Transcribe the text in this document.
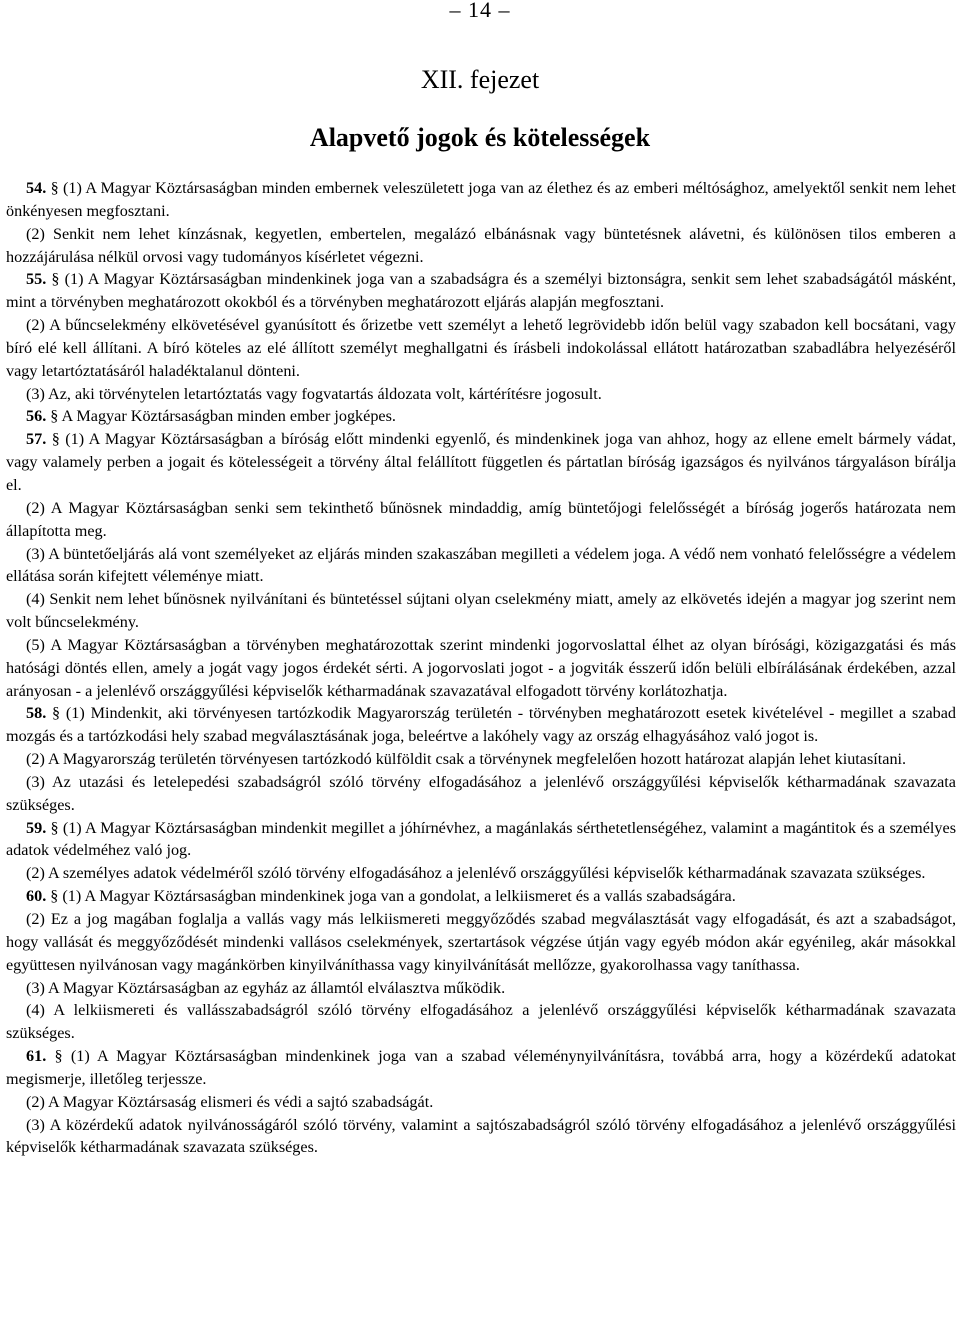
– 14 –
XII. fejezet
Alapvető jogok és kötelességek

54. § (1) A Magyar Köztársaságban minden embernek veleszületett joga van az élethez és az emberi méltósághoz, amelyektől senkit nem lehet önkényesen megfosztani.

(2) Senkit nem lehet kínzásnak, kegyetlen, embertelen, megalázó elbánásnak vagy büntetésnek alávetni, és különösen tilos emberen a hozzájárulása nélkül orvosi vagy tudományos kísérletet végezni.

55. § (1) A Magyar Köztársaságban mindenkinek joga van a szabadságra és a személyi biztonságra, senkit sem lehet szabadságától másként, mint a törvényben meghatározott okokból és a törvényben meghatározott eljárás alapján megfosztani.

(2) A bűncselekmény elkövetésével gyanúsított és őrizetbe vett személyt a lehető legrövidebb időn belül vagy szabadon kell bocsátani, vagy bíró elé kell állítani. A bíró köteles az elé állított személyt meghallgatni és írásbeli indokolással ellátott határozatban szabadlábra helyezéséről vagy letartóztatásáról haladéktalanul dönteni.

(3) Az, aki törvénytelen letartóztatás vagy fogvatartás áldozata volt, kártérítésre jogosult.

56. § A Magyar Köztársaságban minden ember jogképes.

57. § (1) A Magyar Köztársaságban a bíróság előtt mindenki egyenlő, és mindenkinek joga van ahhoz, hogy az ellene emelt bármely vádat, vagy valamely perben a jogait és kötelességeit a törvény által felállított független és pártatlan bíróság igazságos és nyilvános tárgyaláson bírálja el.

(2) A Magyar Köztársaságban senki sem tekinthető bűnösnek mindaddig, amíg büntetőjogi felelősségét a bíróság jogerős határozata nem állapította meg.

(3) A büntetőeljárás alá vont személyeket az eljárás minden szakaszában megilleti a védelem joga. A védő nem vonható felelősségre a védelem ellátása során kifejtett véleménye miatt.

(4) Senkit nem lehet bűnösnek nyilvánítani és büntetéssel sújtani olyan cselekmény miatt, amely az elkövetés idején a magyar jog szerint nem volt bűncselekmény.

(5) A Magyar Köztársaságban a törvényben meghatározottak szerint mindenki jogorvoslattal élhet az olyan bírósági, közigazgatási és más hatósági döntés ellen, amely a jogát vagy jogos érdekét sérti. A jogorvoslati jogot - a jogviták ésszerű időn belüli elbírálásának érdekében, azzal arányosan - a jelenlévő országgyűlési képviselők kétharmadának szavazatával elfogadott törvény korlátozhatja.

58. § (1) Mindenkit, aki törvényesen tartózkodik Magyarország területén - törvényben meghatározott esetek kivételével - megillet a szabad mozgás és a tartózkodási hely szabad megválasztásának joga, beleértve a lakóhely vagy az ország elhagyásához való jogot is.

(2) A Magyarország területén törvényesen tartózkodó külföldit csak a törvénynek megfelelően hozott határozat alapján lehet kiutasítani.

(3) Az utazási és letelepedési szabadságról szóló törvény elfogadásához a jelenlévő országgyűlési képviselők kétharmadának szavazata szükséges.

59. § (1) A Magyar Köztársaságban mindenkit megillet a jóhírnévhez, a magánlakás sérthetetlenségéhez, valamint a magántitok és a személyes adatok védelméhez való jog.

(2) A személyes adatok védelméről szóló törvény elfogadásához a jelenlévő országgyűlési képviselők kétharmadának szavazata szükséges.

60. § (1) A Magyar Köztársaságban mindenkinek joga van a gondolat, a lelkiismeret és a vallás szabadságára.

(2) Ez a jog magában foglalja a vallás vagy más lelkiismereti meggyőződés szabad megválasztását vagy elfogadását, és azt a szabadságot, hogy vallását és meggyőződését mindenki vallásos cselekmények, szertartások végzése útján vagy egyéb módon akár egyénileg, akár másokkal együttesen nyilvánosan vagy magánkörben kinyilváníthassa vagy kinyilvánítását mellőzze, gyakorolhassa vagy taníthassa.

(3) A Magyar Köztársaságban az egyház az államtól elválasztva működik.

(4) A lelkiismereti és vallásszabadságról szóló törvény elfogadásához a jelenlévő országgyűlési képviselők kétharmadának szavazata szükséges.

61. § (1) A Magyar Köztársaságban mindenkinek joga van a szabad véleménynyilvánításra, továbbá arra, hogy a közérdekű adatokat megismerje, illetőleg terjessze.

(2) A Magyar Köztársaság elismeri és védi a sajtó szabadságát.

(3) A közérdekű adatok nyilvánosságáról szóló törvény, valamint a sajtószabadságról szóló törvény elfogadásához a jelenlévő országgyűlési képviselők kétharmadának szavazata szükséges.
